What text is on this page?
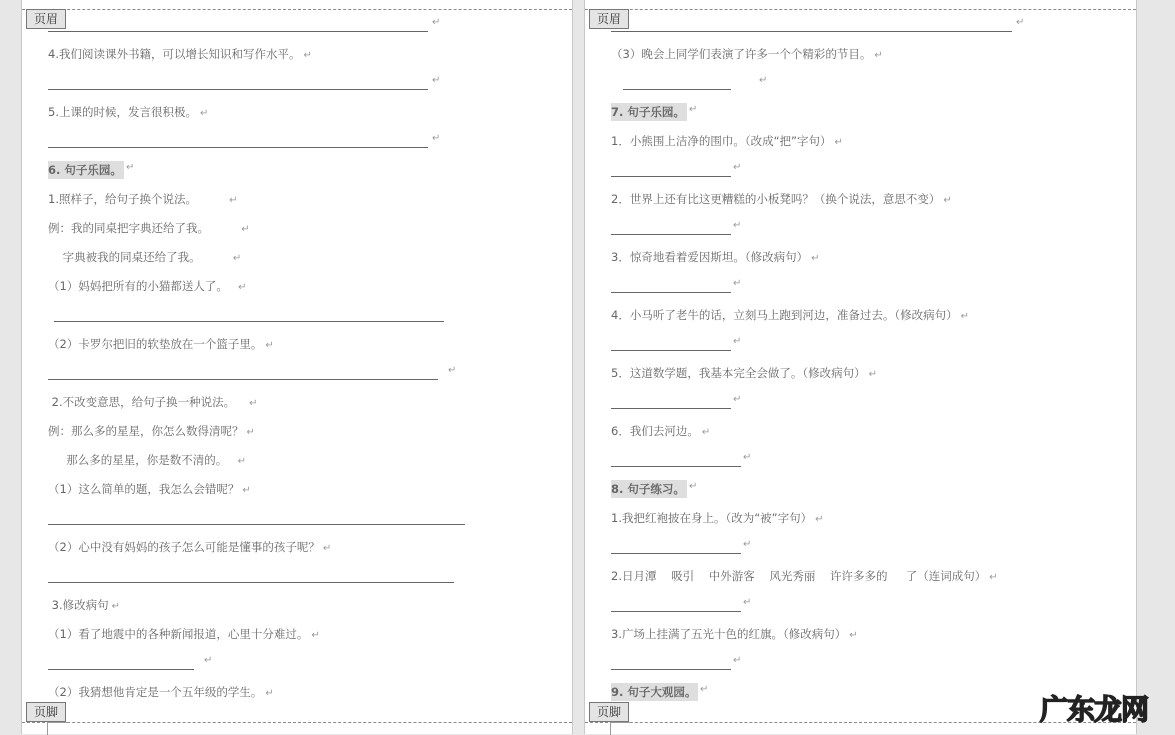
页眉
页脚
↵
4.我们阅读课外书籍，可以增长知识和写作水平。 ↵
↵
5.上课的时候，发言很积极。 ↵
↵
6. 句子乐园。 ↵
1.照样子，给句子换个说法。        ↵
例：我的同桌把字典还给了我。        ↵
字典被我的同桌还给了我。        ↵
（1）妈妈把所有的小猫都送人了。  ↵
（2）卡罗尔把旧的软垫放在一个篮子里。 ↵
↵
2.不改变意思，给句子换一种说法。   ↵
例：那么多的星星，你怎么数得清呢？ ↵
那么多的星星，你是数不清的。  ↵
（1）这么简单的题，我怎么会错呢？ ↵
（2）心中没有妈妈的孩子怎么可能是懂事的孩子呢？ ↵
3.修改病句 ↵
（1）看了地震中的各种新闻报道，心里十分难过。 ↵
↵
（2）我猜想他肯定是一个五年级的学生。 ↵
页眉
页脚
↵
（3）晚会上同学们表演了许多一个个精彩的节目。 ↵
↵
7. 句子乐园。 ↵
1．小熊围上洁净的围巾。（改成“把”字句） ↵
↵
2．世界上还有比这更糟糕的小板凳吗？（换个说法，意思不变） ↵
↵
3．惊奇地看着爱因斯坦。（修改病句） ↵
↵
4．小马听了老牛的话，立刻马上跑到河边，准备过去。（修改病句） ↵
↵
5．这道数学题，我基本完全会做了。（修改病句） ↵
↵
6．我们去河边。 ↵
↵
8. 句子练习。 ↵
1.我把红袍披在身上。（改为“被”字句） ↵
↵
2.日月潭    吸引    中外游客    风光秀丽    许许多多的     了（连词成句） ↵
↵
3.广场上挂满了五光十色的红旗。（修改病句） ↵
↵
9. 句子大观园。 ↵
广东龙网
